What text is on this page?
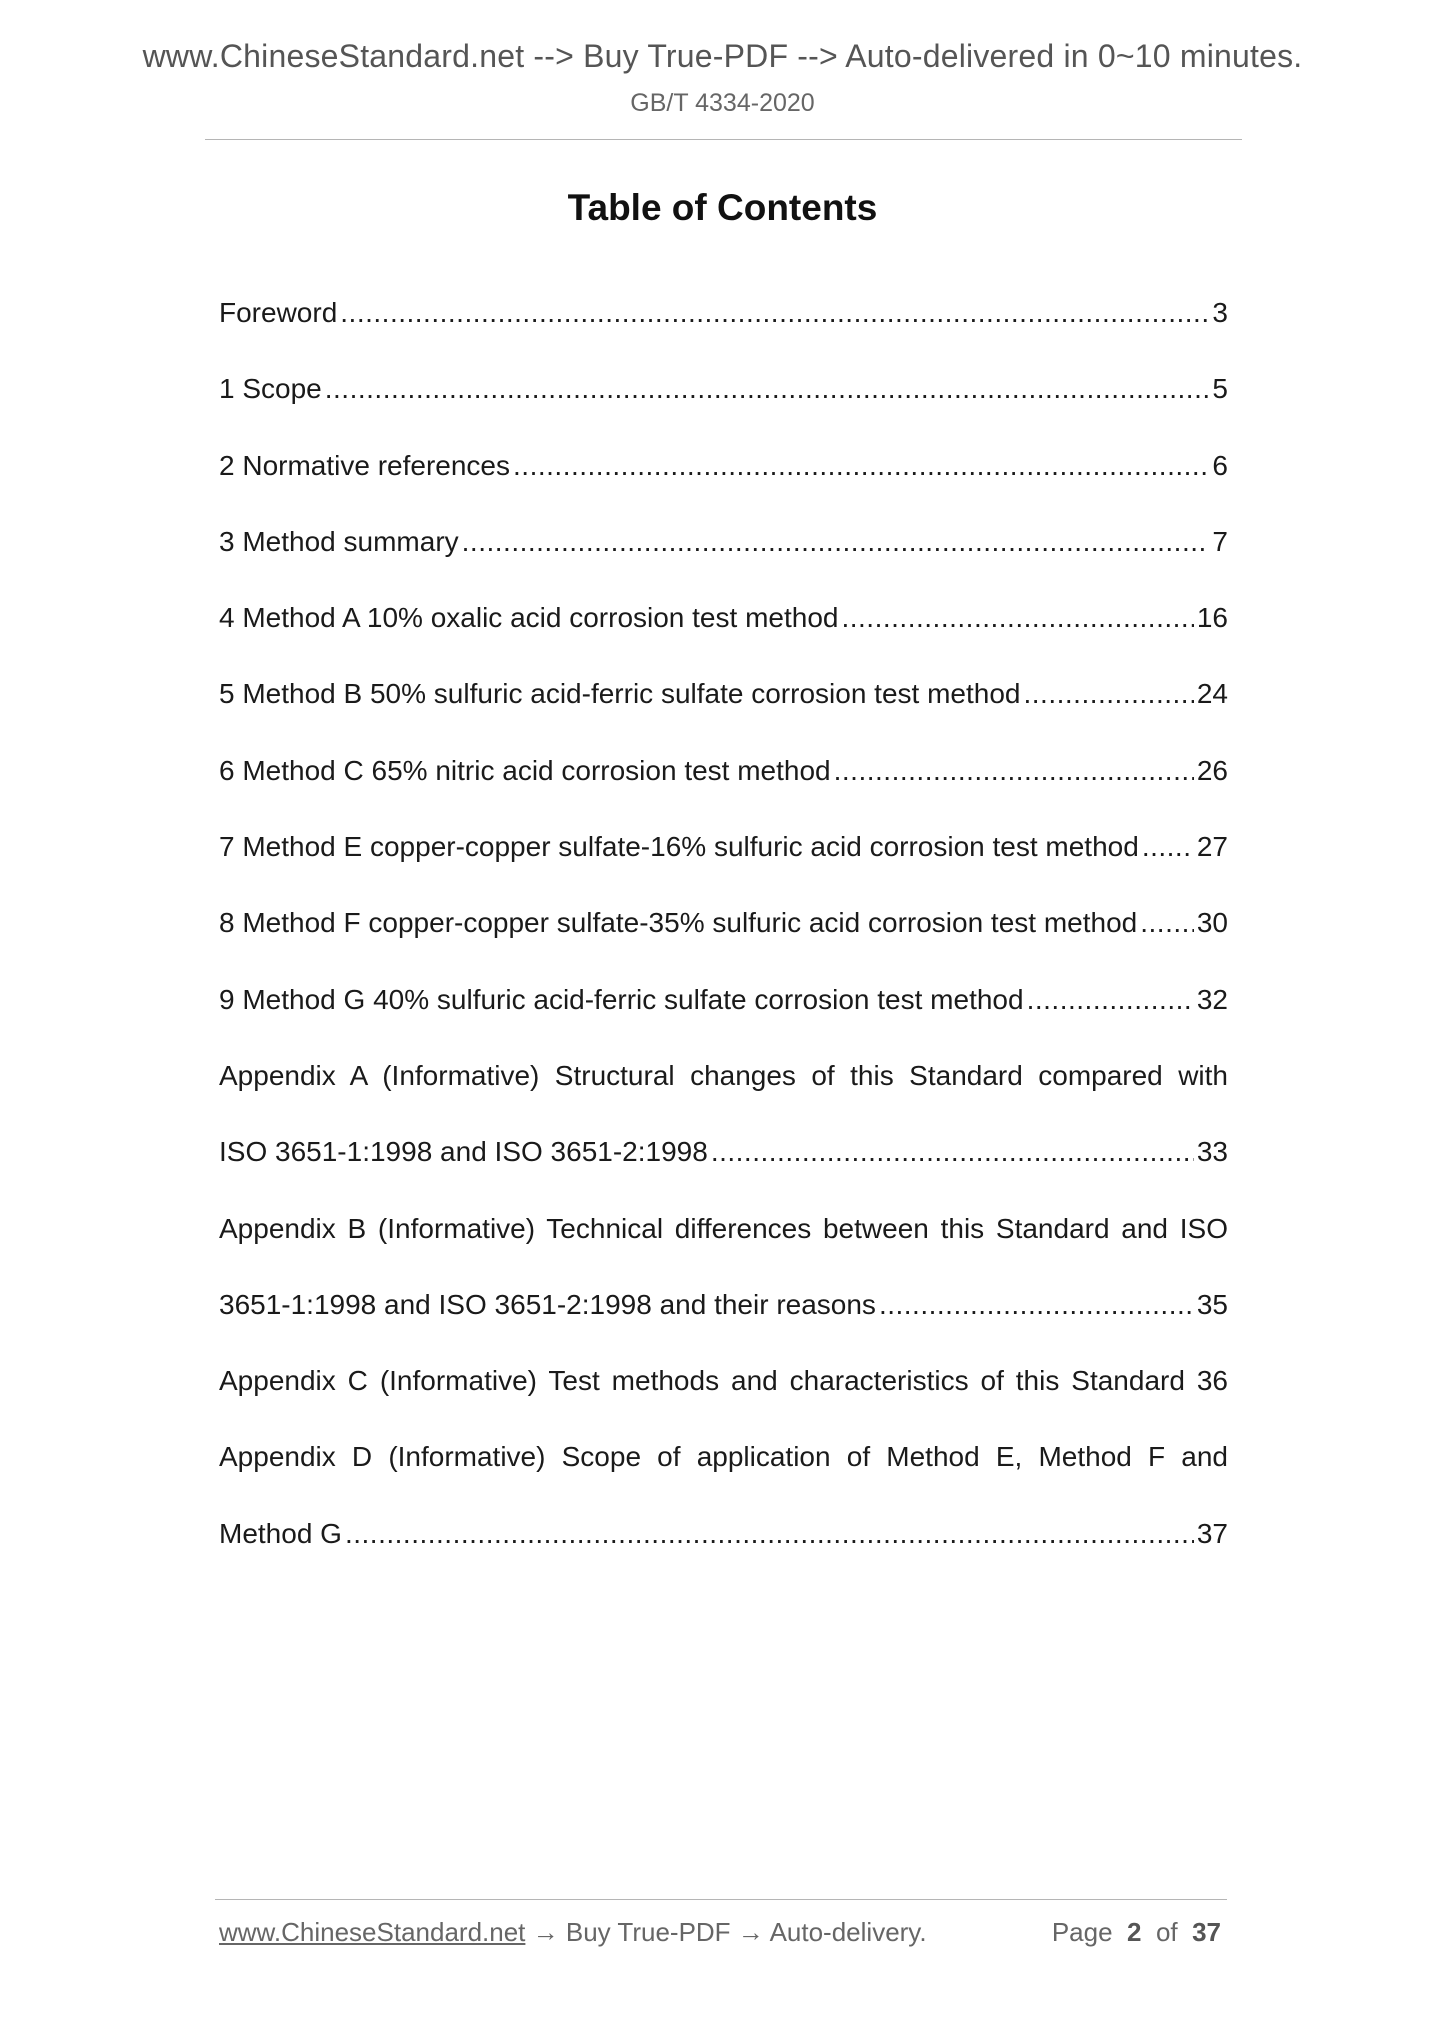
www.ChineseStandard.net --> Buy True-PDF --> Auto-delivered in 0~10 minutes.
GB/T 4334-2020
Table of Contents
Foreword .....	3
1 Scope .....	5
2 Normative references .....	6
3 Method summary .....	7
4 Method A 10% oxalic acid corrosion test method .....	16
5 Method B 50% sulfuric acid-ferric sulfate corrosion test method .....	24
6 Method C 65% nitric acid corrosion test method .....	26
7 Method E copper-copper sulfate-16% sulfuric acid corrosion test method ..... 27
8 Method F copper-copper sulfate-35% sulfuric acid corrosion test method ..... 30
9 Method G 40% sulfuric acid-ferric sulfate corrosion test method .....	32
Appendix A (Informative) Structural changes of this Standard compared with
ISO 3651-1:1998 and ISO 3651-2:1998 .....	33
Appendix B (Informative) Technical differences between this Standard and ISO
3651-1:1998 and ISO 3651-2:1998 and their reasons .....	35
Appendix C (Informative) Test methods and characteristics of this Standard 36
Appendix D (Informative) Scope of application of Method E, Method F and
Method G .....	37
www.ChineseStandard.net → Buy True-PDF → Auto-delivery.	Page 2 of 37
